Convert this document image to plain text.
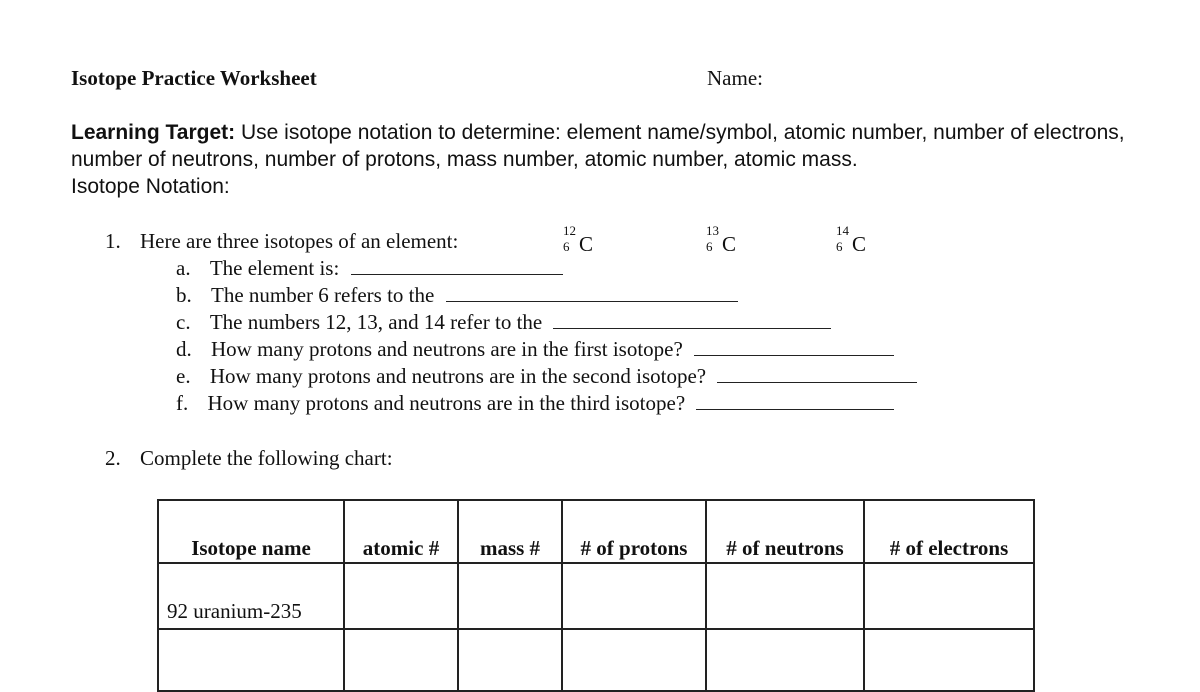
Isotope Practice Worksheet	Name:
Learning Target: Use isotope notation to determine: element name/symbol, atomic number, number of electrons, number of neutrons, number of protons, mass number, atomic number, atomic mass.
Isotope Notation:
1. Here are three isotopes of an element:	12
6 C
13
6 C
14
6 C
a. The element is:
b. The number 6 refers to the
c. The numbers 12, 13, and 14 refer to the
d. How many protons and neutrons are in the first isotope?
e. How many protons and neutrons are in the second isotope?
f. How many protons and neutrons are in the third isotope?
2. Complete the following chart:
Isotope name	atomic #	mass #	# of protons	# of neutrons	# of electrons
92 uranium-235					
